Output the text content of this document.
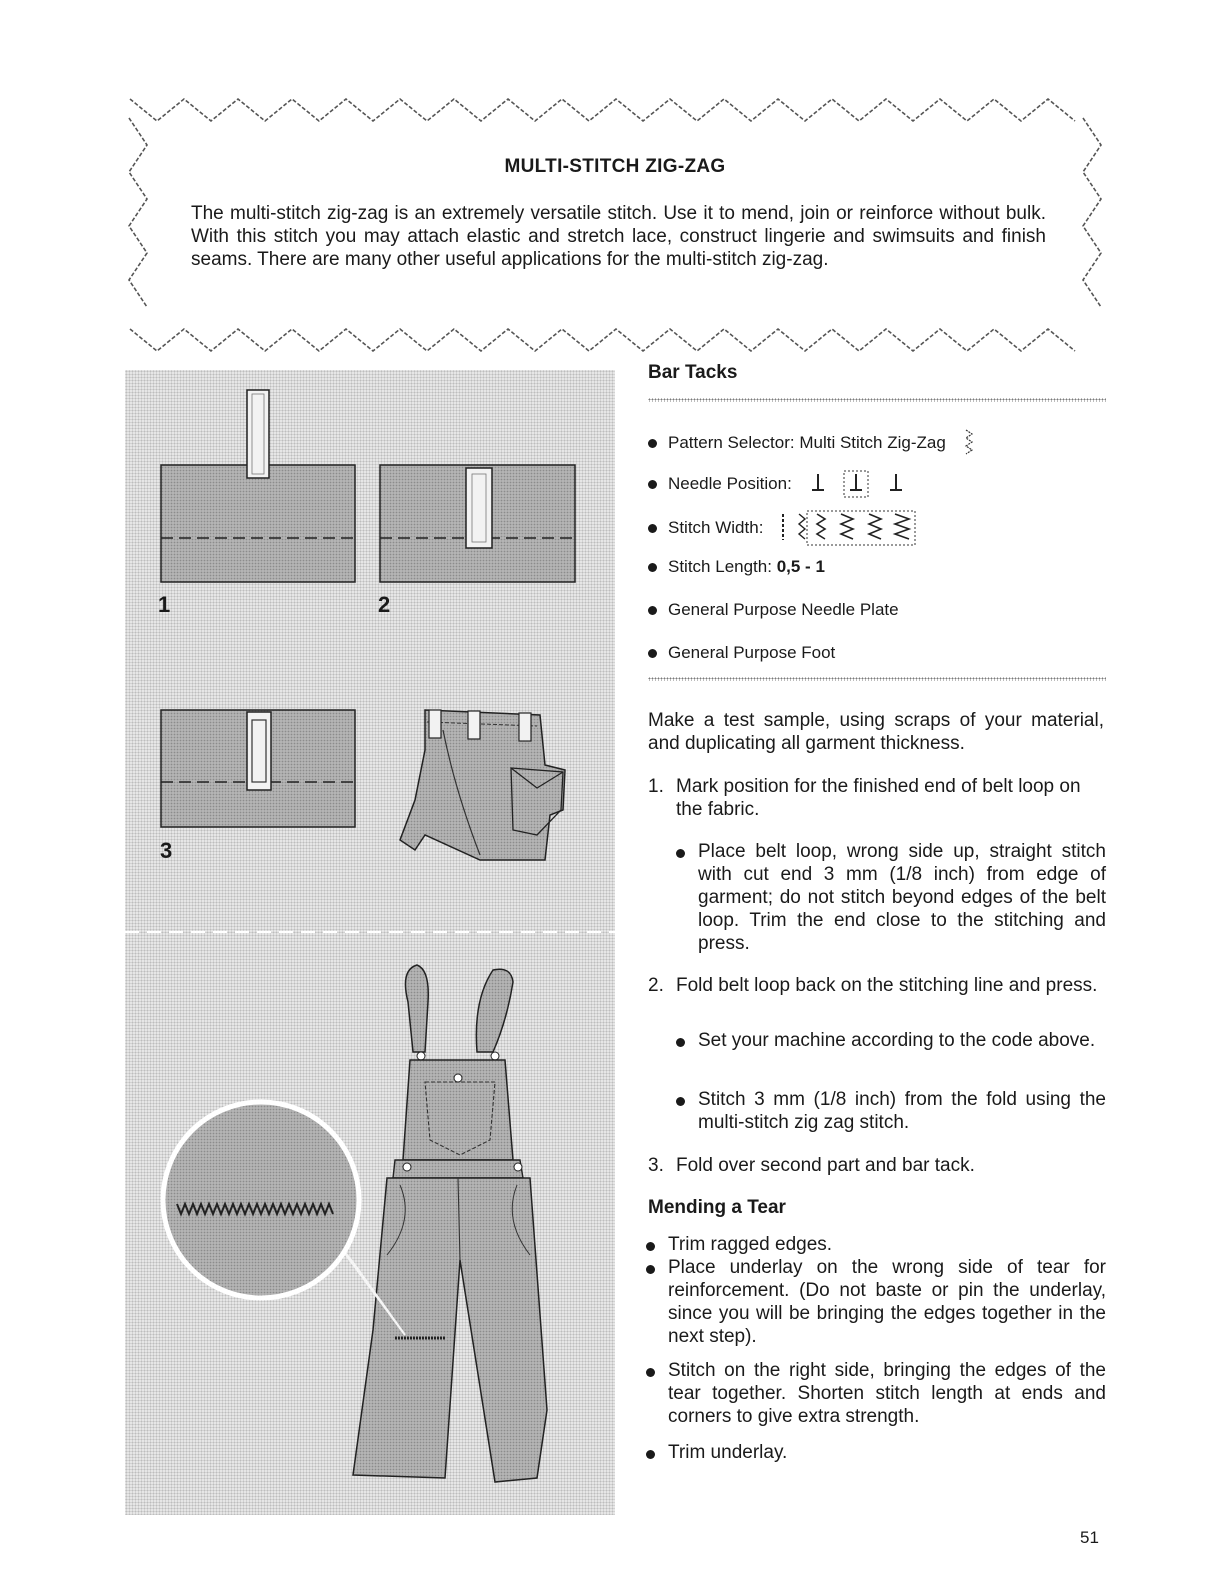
MULTI-STITCH ZIG-ZAG
The multi-stitch zig-zag is an extremely versatile stitch. Use it to mend, join or reinforce without bulk. With this stitch you may attach elastic and stretch lace, construct lingerie and swimsuits and finish seams. There are many other useful applications for the multi-stitch zig-zag.
1	2
3
Bar Tacks
Pattern Selector: Multi Stitch Zig-Zag
Needle Position:
Stitch Width:
Stitch Length:
0,5 - 1
General Purpose Needle Plate
General Purpose Foot
Make a test sample, using scraps of your material, and duplicating all garment thickness.
1. Mark position for the finished end of belt loop on the fabric.
Place belt loop, wrong side up, straight stitch with cut end 3 mm (1/8 inch) from edge of garment; do not stitch beyond edges of the belt loop. Trim the end close to the stitching and press.
2. Fold belt loop back on the stitching line and press.
Set your machine according to the code above.
Stitch 3 mm (1/8 inch) from the fold using the multi-stitch zig zag stitch.
3. Fold over second part and bar tack.
Mending a Tear
Trim ragged edges.
Place underlay on the wrong side of tear for reinforcement. (Do not baste or pin the underlay, since you will be bringing the edges together in the next step).
Stitch on the right side, bringing the edges of the tear together. Shorten stitch length at ends and corners to give extra strength.
Trim underlay.
51
